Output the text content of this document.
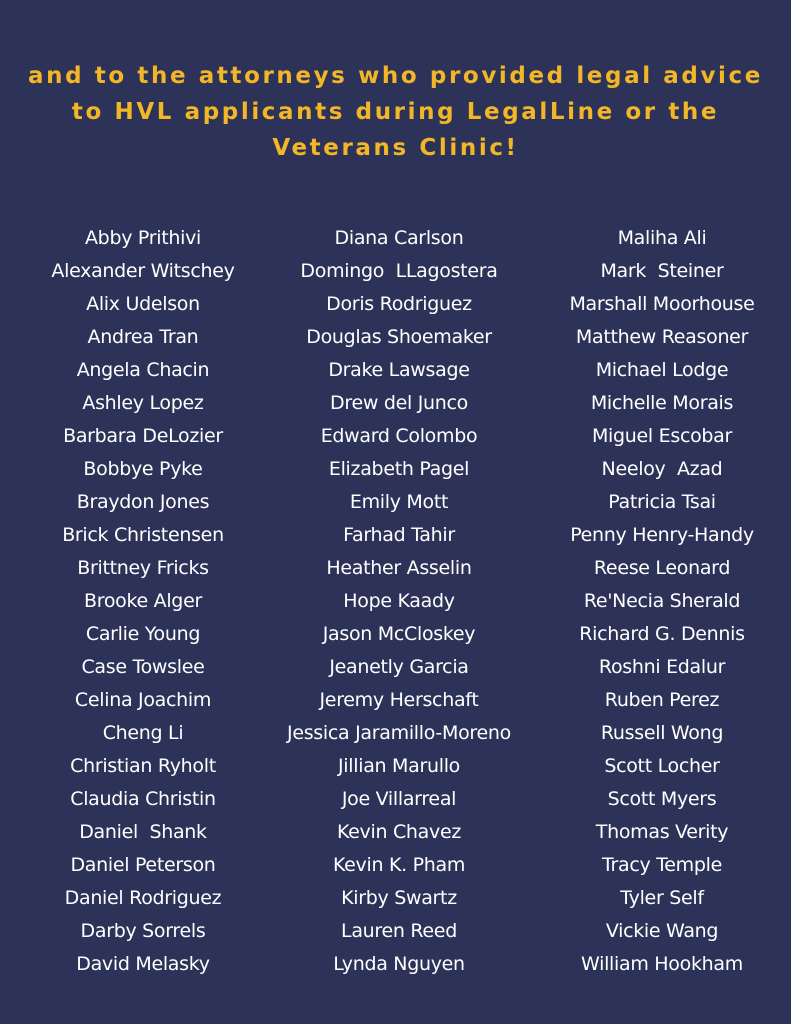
and to the attorneys who provided legal advice
to HVL applicants during LegalLine or the
Veterans Clinic!
Abby Prithivi
Alexander Witschey
Alix Udelson
Andrea Tran
Angela Chacin
Ashley Lopez
Barbara DeLozier
Bobbye Pyke
Braydon Jones
Brick Christensen
Brittney Fricks
Brooke Alger
Carlie Young
Case Towslee
Celina Joachim
Cheng Li
Christian Ryholt
Claudia Christin
Daniel  Shank
Daniel Peterson
Daniel Rodriguez
Darby Sorrels
David Melasky
Diana Carlson
Domingo  LLagostera
Doris Rodriguez
Douglas Shoemaker
Drake Lawsage
Drew del Junco
Edward Colombo
Elizabeth Pagel
Emily Mott
Farhad Tahir
Heather Asselin
Hope Kaady
Jason McCloskey
Jeanetly Garcia
Jeremy Herschaft
Jessica Jaramillo-Moreno
Jillian Marullo
Joe Villarreal
Kevin Chavez
Kevin K. Pham
Kirby Swartz
Lauren Reed
Lynda Nguyen
Maliha Ali
Mark  Steiner
Marshall Moorhouse
Matthew Reasoner
Michael Lodge
Michelle Morais
Miguel Escobar
Neeloy  Azad
Patricia Tsai
Penny Henry-Handy
Reese Leonard
Re'Necia Sherald
Richard G. Dennis
Roshni Edalur
Ruben Perez
Russell Wong
Scott Locher
Scott Myers
Thomas Verity
Tracy Temple
Tyler Self
Vickie Wang
William Hookham
